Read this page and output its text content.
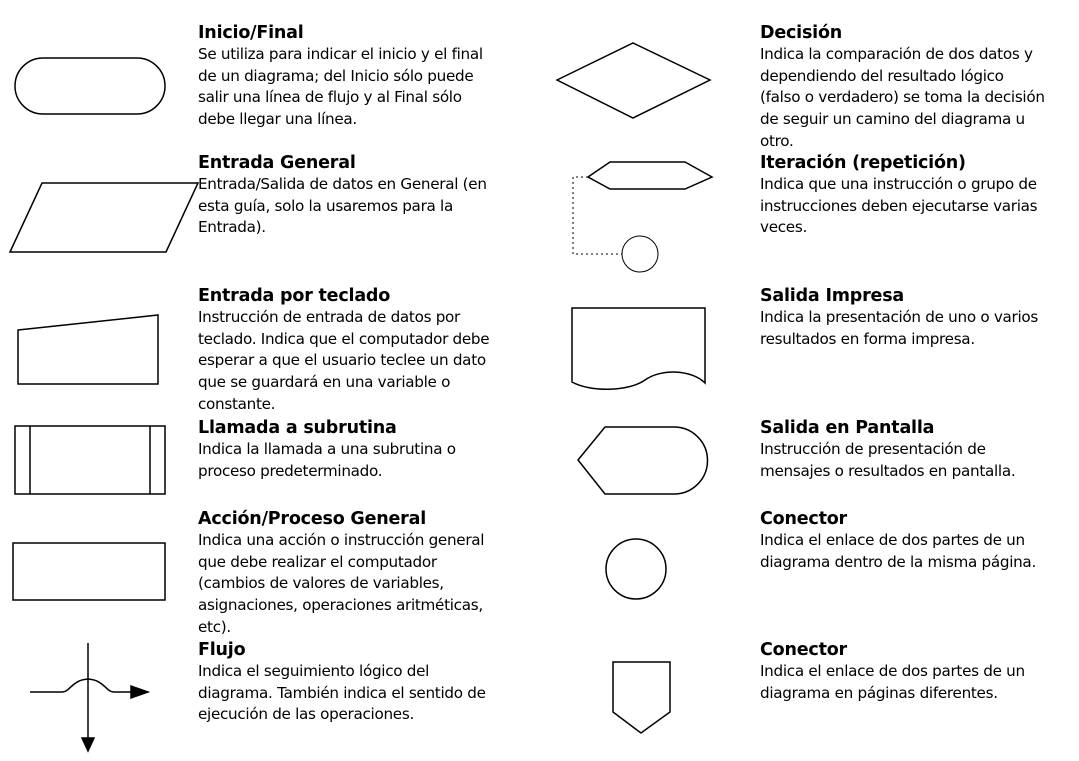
Inicio/Final
Se utiliza para indicar el inicio y el final
de un diagrama; del Inicio sólo puede
salir una línea de flujo y al Final sólo
debe llegar una línea.
Entrada General
Entrada/Salida de datos en General (en
esta guía, solo la usaremos para la
Entrada).
Entrada por teclado
Instrucción de entrada de datos por
teclado. Indica que el computador debe
esperar a que el usuario teclee un dato
que se guardará en una variable o
constante.
Llamada a subrutina
Indica la llamada a una subrutina o
proceso predeterminado.
Acción/Proceso General
Indica una acción o instrucción general
que debe realizar el computador
(cambios de valores de variables,
asignaciones, operaciones aritméticas,
etc).
Flujo
Indica el seguimiento lógico del
diagrama. También indica el sentido de
ejecución de las operaciones.
Decisión
Indica la comparación de dos datos y
dependiendo del resultado lógico
(falso o verdadero) se toma la decisión
de seguir un camino del diagrama u
otro.
Iteración (repetición)
Indica que una instrucción o grupo de
instrucciones deben ejecutarse varias
veces.
Salida Impresa
Indica la presentación de uno o varios
resultados en forma impresa.
Salida en Pantalla
Instrucción de presentación de
mensajes o resultados en pantalla.
Conector
Indica el enlace de dos partes de un
diagrama dentro de la misma página.
Conector
Indica el enlace de dos partes de un
diagrama en páginas diferentes.
